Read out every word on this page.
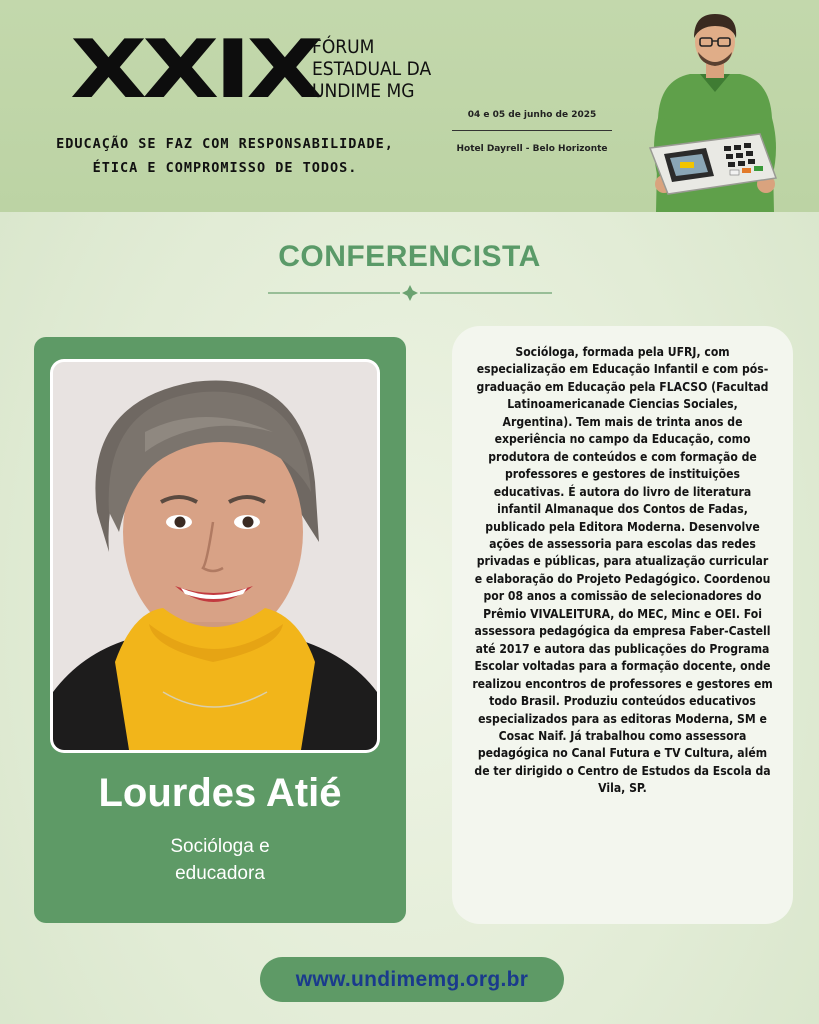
XXIX
FÓRUM
ESTADUAL DA
UNDIME MG
04 e 05 de junho de 2025
Hotel Dayrell - Belo Horizonte
EDUCAÇÃO SE FAZ COM RESPONSABILIDADE,
ÉTICA E COMPROMISSO DE TODOS.
CONFERENCISTA
Lourdes Atié
Socióloga e
educadora
Socióloga, formada pela UFRJ, com especialização em Educação Infantil e com pós-graduação em Educação pela FLACSO (Facultad Latinoamericanade Ciencias Sociales, Argentina). Tem mais de trinta anos de experiência no campo da Educação, como produtora de conteúdos e com formação de professores e gestores de instituições educativas. É autora do livro de literatura infantil Almanaque dos Contos de Fadas, publicado pela Editora Moderna. Desenvolve ações de assessoria para escolas das redes privadas e públicas, para atualização curricular e elaboração do Projeto Pedagógico. Coordenou por 08 anos a comissão de selecionadores do Prêmio VIVALEITURA, do MEC, Minc e OEI. Foi assessora pedagógica da empresa Faber-Castell até 2017 e autora das publicações do Programa Escolar voltadas para a formação docente, onde realizou encontros de professores e gestores em todo Brasil. Produziu conteúdos educativos especializados para as editoras Moderna, SM e Cosac Naif. Já trabalhou como assessora pedagógica no Canal Futura e TV Cultura, além de ter dirigido o Centro de Estudos da Escola da Vila, SP.
www.undimemg.org.br
